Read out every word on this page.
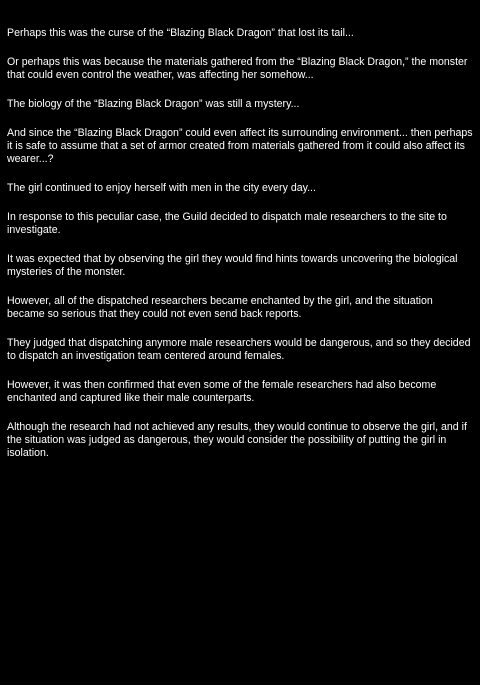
Perhaps this was the curse of the “Blazing Black Dragon” that lost its tail...

Or perhaps this was because the materials gathered from the “Blazing Black Dragon,” the monster that could even control the weather, was affecting her somehow...

The biology of the “Blazing Black Dragon” was still a mystery...

And since the “Blazing Black Dragon” could even affect its surrounding environment... then perhaps it is safe to assume that a set of armor created from materials gathered from it could also affect its wearer...?

The girl continued to enjoy herself with men in the city every day...

In response to this peculiar case, the Guild decided to dispatch male researchers to the site to investigate.

It was expected that by observing the girl they would find hints towards uncovering the biological mysteries of the monster.

However, all of the dispatched researchers became enchanted by the girl, and the situation became so serious that they could not even send back reports.

They judged that dispatching anymore male researchers would be dangerous, and so they decided to dispatch an investigation team centered around females.

However, it was then confirmed that even some of the female researchers had also become enchanted and captured like their male counterparts.

Although the research had not achieved any results, they would continue to observe the girl, and if the situation was judged as dangerous, they would consider the possibility of putting the girl in isolation.
